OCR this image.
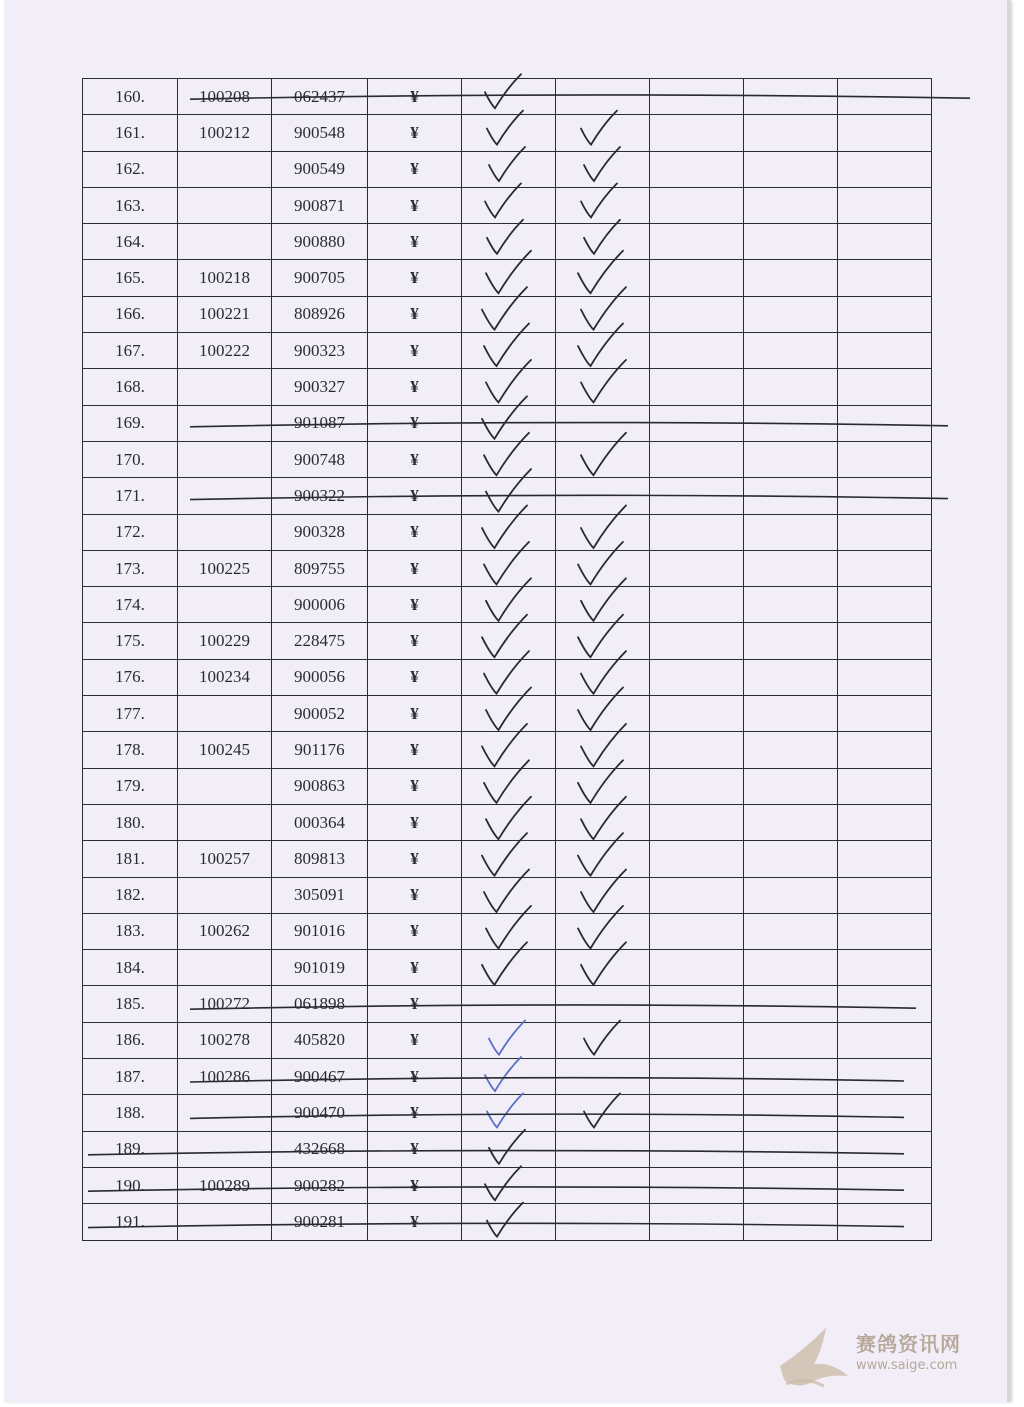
160.	100208	062437	¥					
161.	100212	900548	¥					
162.		900549	¥					
163.		900871	¥					
164.		900880	¥					
165.	100218	900705	¥					
166.	100221	808926	¥					
167.	100222	900323	¥					
168.		900327	¥					
169.		901087	¥					
170.		900748	¥					
171.		900322	¥					
172.		900328	¥					
173.	100225	809755	¥					
174.		900006	¥					
175.	100229	228475	¥					
176.	100234	900056	¥					
177.		900052	¥					
178.	100245	901176	¥					
179.		900863	¥					
180.		000364	¥					
181.	100257	809813	¥					
182.		305091	¥					
183.	100262	901016	¥					
184.		901019	¥					
185.	100272	061898	¥					
186.	100278	405820	¥					
187.	100286	900467	¥					
188.		900470	¥					
189.		432668	¥					
190.	100289	900282	¥					
191.		900281	¥					
赛鸽资讯网
www.saige.com
